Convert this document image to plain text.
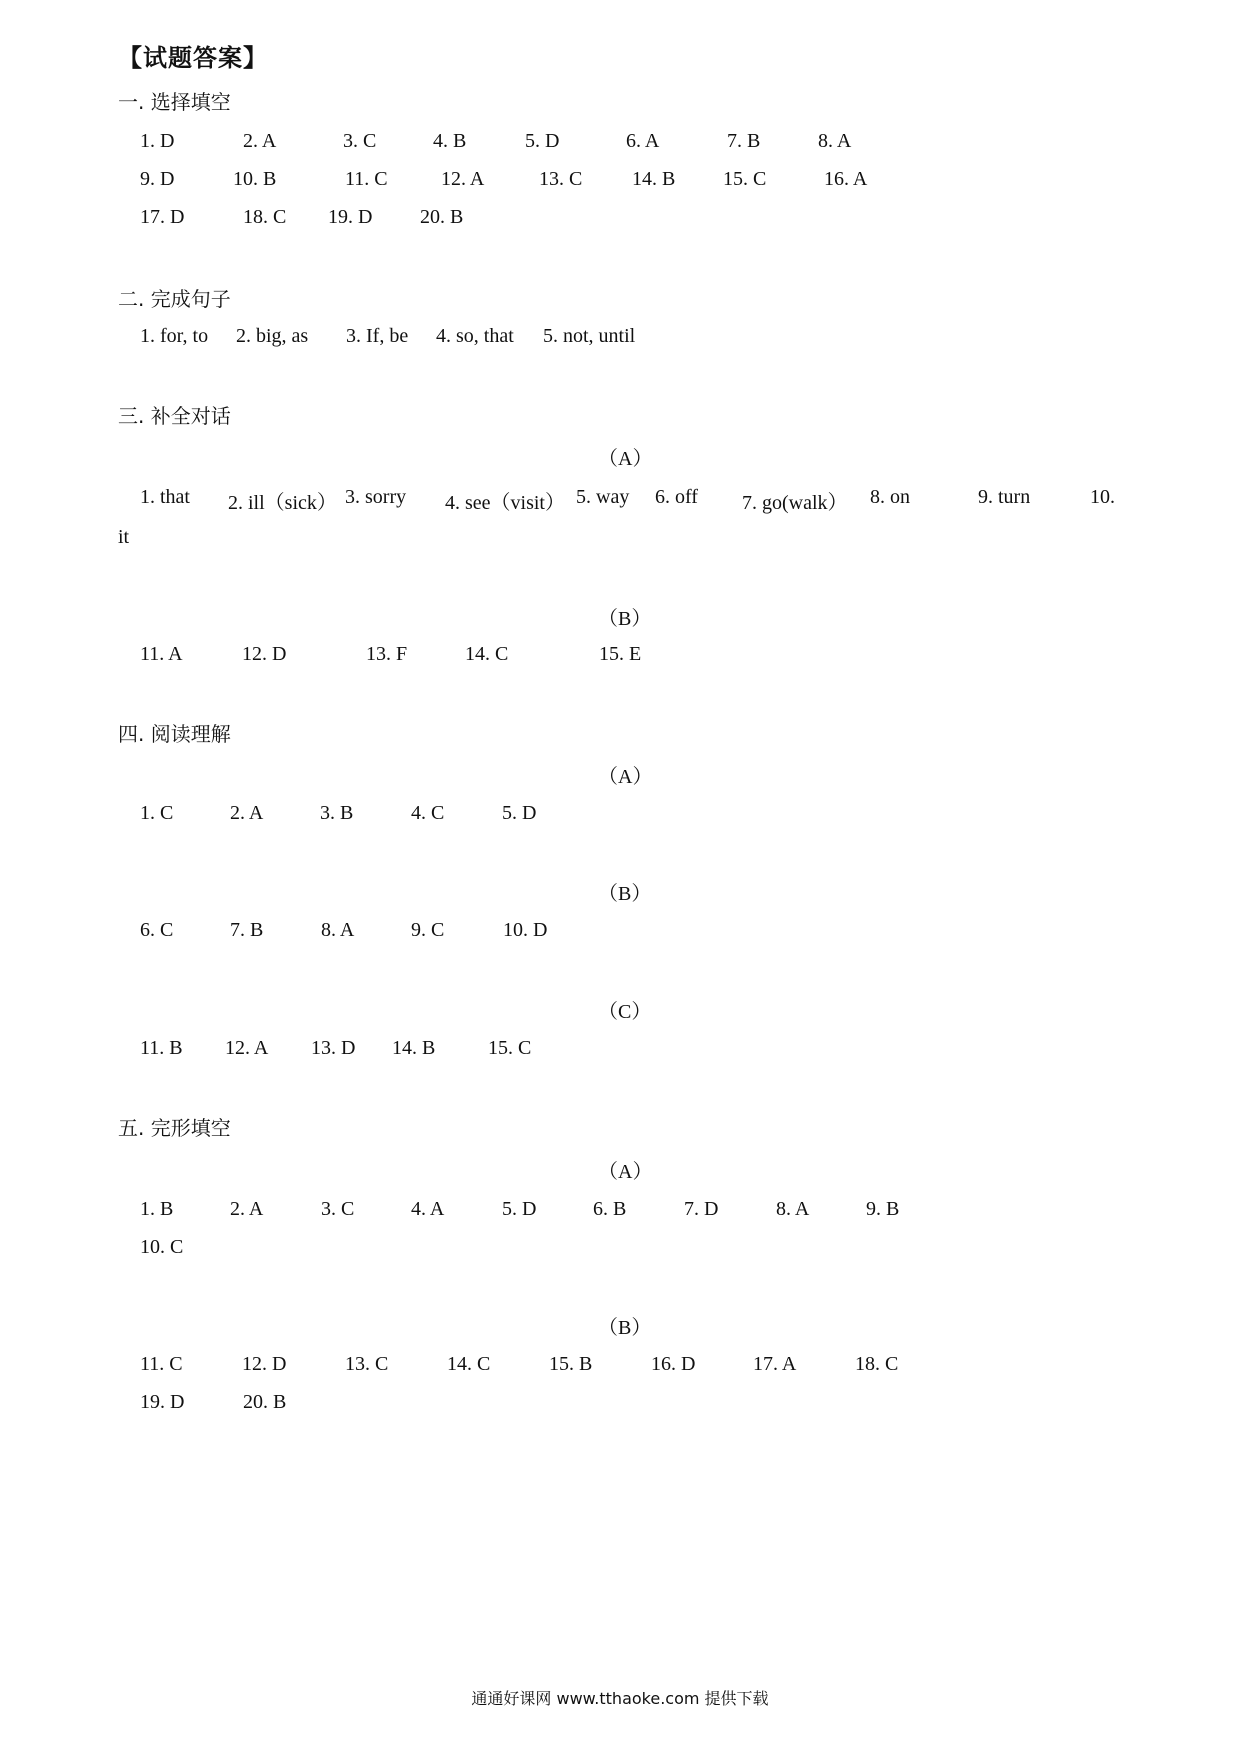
【试题答案】
一. 选择填空
1. D	2. A	3. C	4. B	5. D	6. A	7. B	8. A
9. D	10. B	11. C	12. A	13. C 14. B 15. C	16. A
17. D	18. C 19. D 20. B
二. 完成句子
1. for, to 2. big, as 3. If, be 4. so, that 5. not, until
三. 补全对话
（A）
1. that 2. ill（sick） 3. sorry 4. see（visit） 5. way 6. off 7. go(walk） 8. on	9. turn	10.
it
（B）
11. A	12. D	13. F	14. C	15. E
四. 阅读理解
（A）
1. C	2. A	3. B	4. C	5. D
（B）
6. C	7. B	8. A	9. C	10. D
（C）
11. B 12. A 13. D 14. B	15. C
五. 完形填空
（A）
1. B	2. A	3. C	4. A	5. D	6. B	7. D	8. A	9. B
10. C
（B）
11. C	12. D	13. C	14. C	15. B	16. D	17. A	18. C
19. D	20. B
通通好课网 www.tthaoke.com 提供下载
